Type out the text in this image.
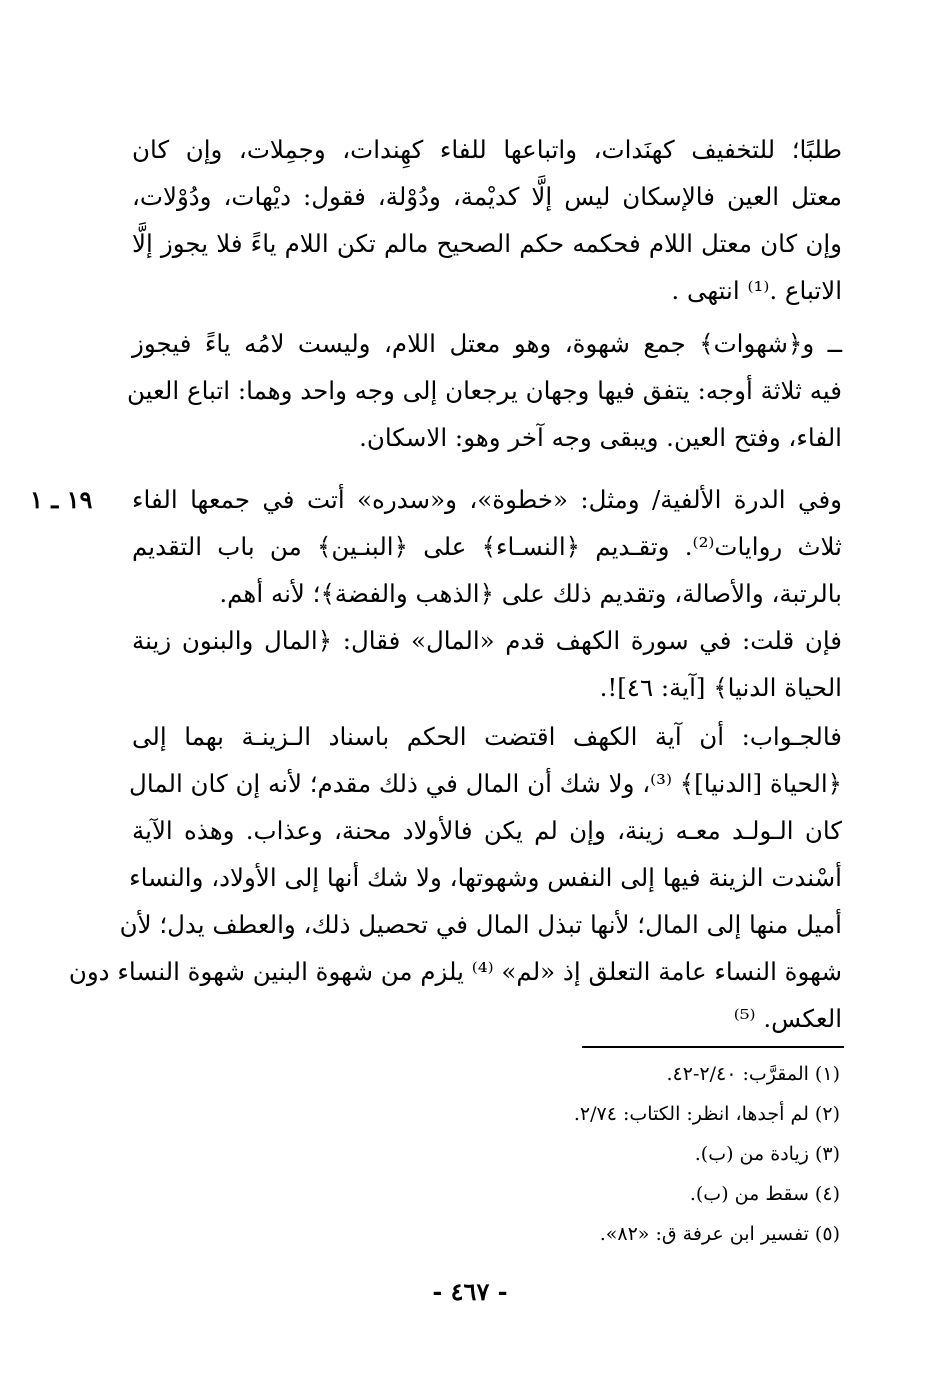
طلبًا؛ للتخفيف كهنَدات، واتباعها للفاء كهِندات، وجمِلات، وإن كان
معتل العين فالإسكان ليس إلَّا كديْمة، ودُوْلة، فقول: ديْهات، ودُوْلات،
وإن كان معتل اللام فحكمه حكم الصحيح مالم تكن اللام ياءً فلا يجوز إلَّا
الاتباع .⁽¹⁾ انتهى .
ــ و﴿شهوات﴾ جمع شهوة، وهو معتل اللام، وليست لامُه ياءً فيجوز
فيه ثلاثة أوجه: يتفق فيها وجهان يرجعان إلى وجه واحد وهما: اتباع العين
الفاء، وفتح العين. ويبقى وجه آخر وهو: الاسكان.
١٩ ـ ١	وفي الدرة الألفية/ ومثل: «خطوة»، و«سدره» أتت في جمعها الفاء
ثلاث روايات⁽²⁾. وتقـديم ﴿النسـاء﴾ على ﴿البنـين﴾ من باب التقديم
بالرتبة، والأصالة، وتقديم ذلك على ﴿الذهب والفضة﴾؛ لأنه أهم.
فإن قلت: في سورة الكهف قدم «المال» فقال: ﴿المال والبنون زينة
الحياة الدنيا﴾ [آية: ٤٦]!.
فالجـواب: أن آية الكهف اقتضت الحكم باسناد الـزينـة بهما إلى
﴿الحياة [الدنيا]﴾ ⁽³⁾، ولا شك أن المال في ذلك مقدم؛ لأنه إن كان المال
كان الـولـد معـه زينة، وإن لم يكن فالأولاد محنة، وعذاب. وهذه الآية
أسْندت الزينة فيها إلى النفس وشهوتها، ولا شك أنها إلى الأولاد، والنساء
أميل منها إلى المال؛ لأنها تبذل المال في تحصيل ذلك، والعطف يدل؛ لأن
شهوة النساء عامة التعلق إذ «لم» ⁽⁴⁾ يلزم من شهوة البنين شهوة النساء دون
العكس. ⁽⁵⁾
(١) المقرَّب: ٢/٤٠-٤٢.
(٢) لم أجدها، انظر: الكتاب: ٢/٧٤.
(٣) زيادة من (ب).
(٤) سقط من (ب).
(٥) تفسير ابن عرفة ق: «٨٢».
- ٤٦٧ -
